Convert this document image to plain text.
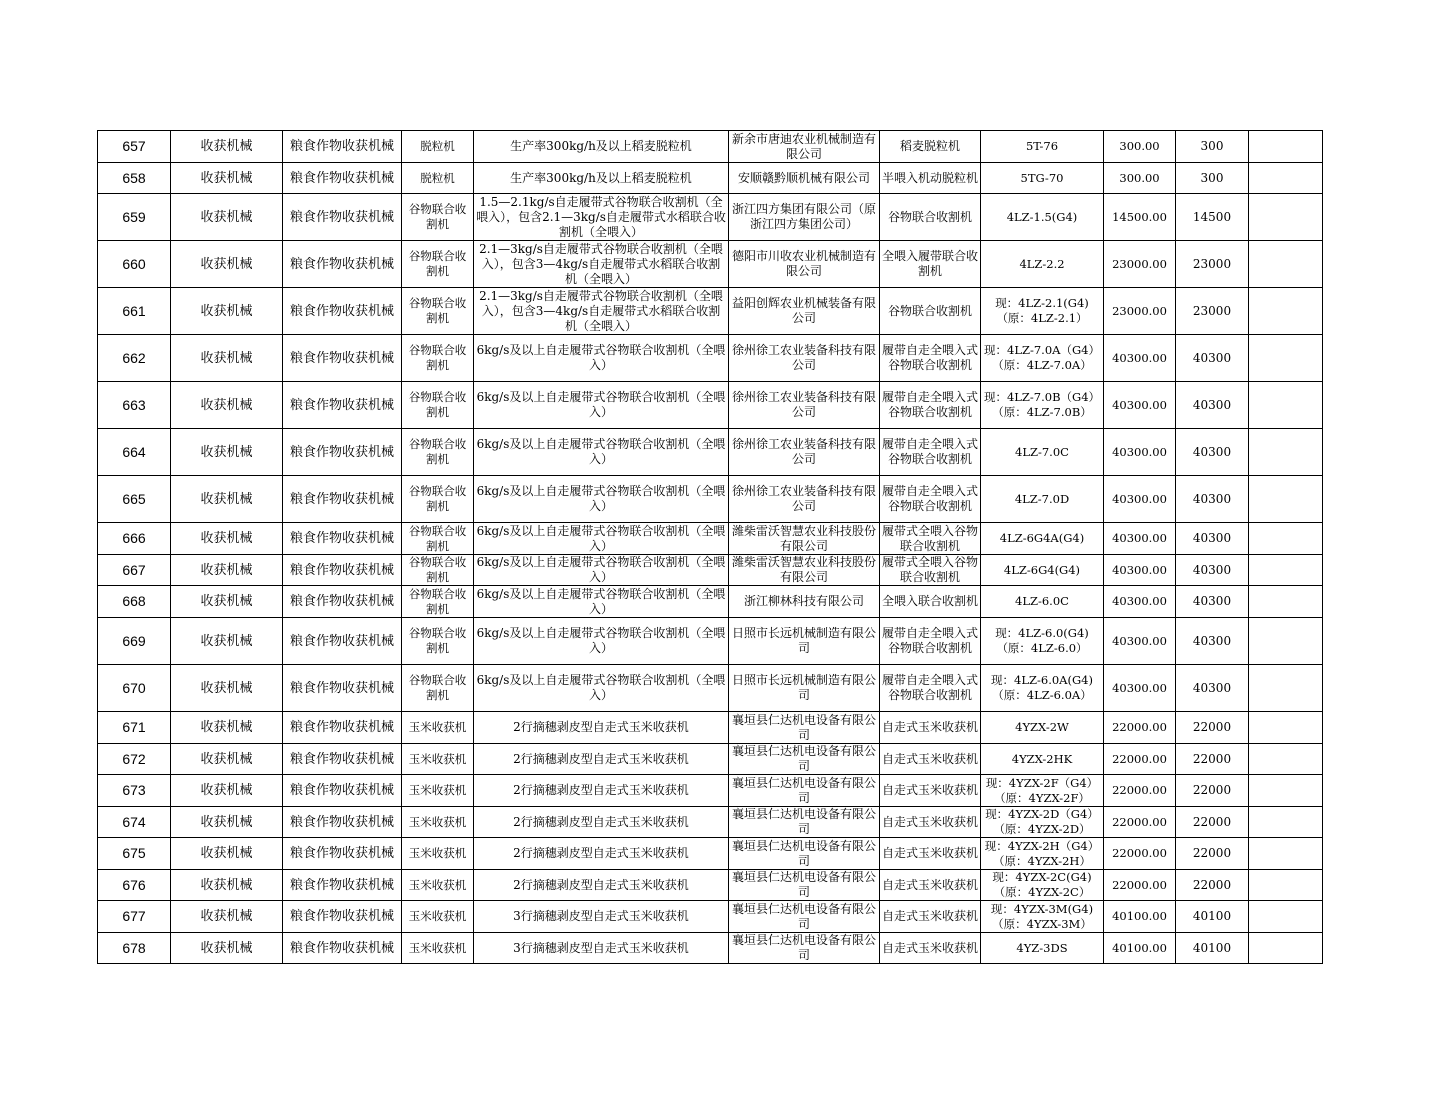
657	收获机械	粮食作物收获机械	脱粒机	生产率300kg/h及以上稻麦脱粒机	新余市唐迪农业机械制造有限公司	稻麦脱粒机	5T-76	300.00	300	
658	收获机械	粮食作物收获机械	脱粒机	生产率300kg/h及以上稻麦脱粒机	安顺赣黔顺机械有限公司	半喂入机动脱粒机	5TG-70	300.00	300	
659	收获机械	粮食作物收获机械	谷物联合收割机	1.5—2.1kg/s自走履带式谷物联合收割机（全喂入），包含2.1—3kg/s自走履带式水稻联合收割机（全喂入）	浙江四方集团有限公司（原浙江四方集团公司）	谷物联合收割机	4LZ-1.5(G4)	14500.00	14500	
660	收获机械	粮食作物收获机械	谷物联合收割机	2.1—3kg/s自走履带式谷物联合收割机（全喂入），包含3—4kg/s自走履带式水稻联合收割机（全喂入）	德阳市川收农业机械制造有限公司	全喂入履带联合收割机	4LZ-2.2	23000.00	23000	
661	收获机械	粮食作物收获机械	谷物联合收割机	2.1—3kg/s自走履带式谷物联合收割机（全喂入），包含3—4kg/s自走履带式水稻联合收割机（全喂入）	益阳创辉农业机械装备有限公司	谷物联合收割机	现：4LZ-2.1(G4)（原：4LZ-2.1）	23000.00	23000	
662	收获机械	粮食作物收获机械	谷物联合收割机	6kg/s及以上自走履带式谷物联合收割机（全喂入）	徐州徐工农业装备科技有限公司	履带自走全喂入式谷物联合收割机	现：4LZ-7.0A（G4）（原：4LZ-7.0A）	40300.00	40300	
663	收获机械	粮食作物收获机械	谷物联合收割机	6kg/s及以上自走履带式谷物联合收割机（全喂入）	徐州徐工农业装备科技有限公司	履带自走全喂入式谷物联合收割机	现：4LZ-7.0B（G4）（原：4LZ-7.0B）	40300.00	40300	
664	收获机械	粮食作物收获机械	谷物联合收割机	6kg/s及以上自走履带式谷物联合收割机（全喂入）	徐州徐工农业装备科技有限公司	履带自走全喂入式谷物联合收割机	4LZ-7.0C	40300.00	40300	
665	收获机械	粮食作物收获机械	谷物联合收割机	6kg/s及以上自走履带式谷物联合收割机（全喂入）	徐州徐工农业装备科技有限公司	履带自走全喂入式谷物联合收割机	4LZ-7.0D	40300.00	40300	
666	收获机械	粮食作物收获机械	谷物联合收割机	6kg/s及以上自走履带式谷物联合收割机（全喂入）	潍柴雷沃智慧农业科技股份有限公司	履带式全喂入谷物联合收割机	4LZ-6G4A(G4)	40300.00	40300	
667	收获机械	粮食作物收获机械	谷物联合收割机	6kg/s及以上自走履带式谷物联合收割机（全喂入）	潍柴雷沃智慧农业科技股份有限公司	履带式全喂入谷物联合收割机	4LZ-6G4(G4)	40300.00	40300	
668	收获机械	粮食作物收获机械	谷物联合收割机	6kg/s及以上自走履带式谷物联合收割机（全喂入）	浙江柳林科技有限公司	全喂入联合收割机	4LZ-6.0C	40300.00	40300	
669	收获机械	粮食作物收获机械	谷物联合收割机	6kg/s及以上自走履带式谷物联合收割机（全喂入）	日照市长远机械制造有限公司	履带自走全喂入式谷物联合收割机	现：4LZ-6.0(G4)（原：4LZ-6.0）	40300.00	40300	
670	收获机械	粮食作物收获机械	谷物联合收割机	6kg/s及以上自走履带式谷物联合收割机（全喂入）	日照市长远机械制造有限公司	履带自走全喂入式谷物联合收割机	现：4LZ-6.0A(G4)（原：4LZ-6.0A）	40300.00	40300	
671	收获机械	粮食作物收获机械	玉米收获机	2行摘穗剥皮型自走式玉米收获机	襄垣县仁达机电设备有限公司	自走式玉米收获机	4YZX-2W	22000.00	22000	
672	收获机械	粮食作物收获机械	玉米收获机	2行摘穗剥皮型自走式玉米收获机	襄垣县仁达机电设备有限公司	自走式玉米收获机	4YZX-2HK	22000.00	22000	
673	收获机械	粮食作物收获机械	玉米收获机	2行摘穗剥皮型自走式玉米收获机	襄垣县仁达机电设备有限公司	自走式玉米收获机	现：4YZX-2F（G4）（原：4YZX-2F）	22000.00	22000	
674	收获机械	粮食作物收获机械	玉米收获机	2行摘穗剥皮型自走式玉米收获机	襄垣县仁达机电设备有限公司	自走式玉米收获机	现：4YZX-2D（G4）（原：4YZX-2D）	22000.00	22000	
675	收获机械	粮食作物收获机械	玉米收获机	2行摘穗剥皮型自走式玉米收获机	襄垣县仁达机电设备有限公司	自走式玉米收获机	现：4YZX-2H（G4）（原：4YZX-2H）	22000.00	22000	
676	收获机械	粮食作物收获机械	玉米收获机	2行摘穗剥皮型自走式玉米收获机	襄垣县仁达机电设备有限公司	自走式玉米收获机	现：4YZX-2C(G4)（原：4YZX-2C）	22000.00	22000	
677	收获机械	粮食作物收获机械	玉米收获机	3行摘穗剥皮型自走式玉米收获机	襄垣县仁达机电设备有限公司	自走式玉米收获机	现：4YZX-3M(G4)（原：4YZX-3M）	40100.00	40100	
678	收获机械	粮食作物收获机械	玉米收获机	3行摘穗剥皮型自走式玉米收获机	襄垣县仁达机电设备有限公司	自走式玉米收获机	4YZ-3DS	40100.00	40100	
